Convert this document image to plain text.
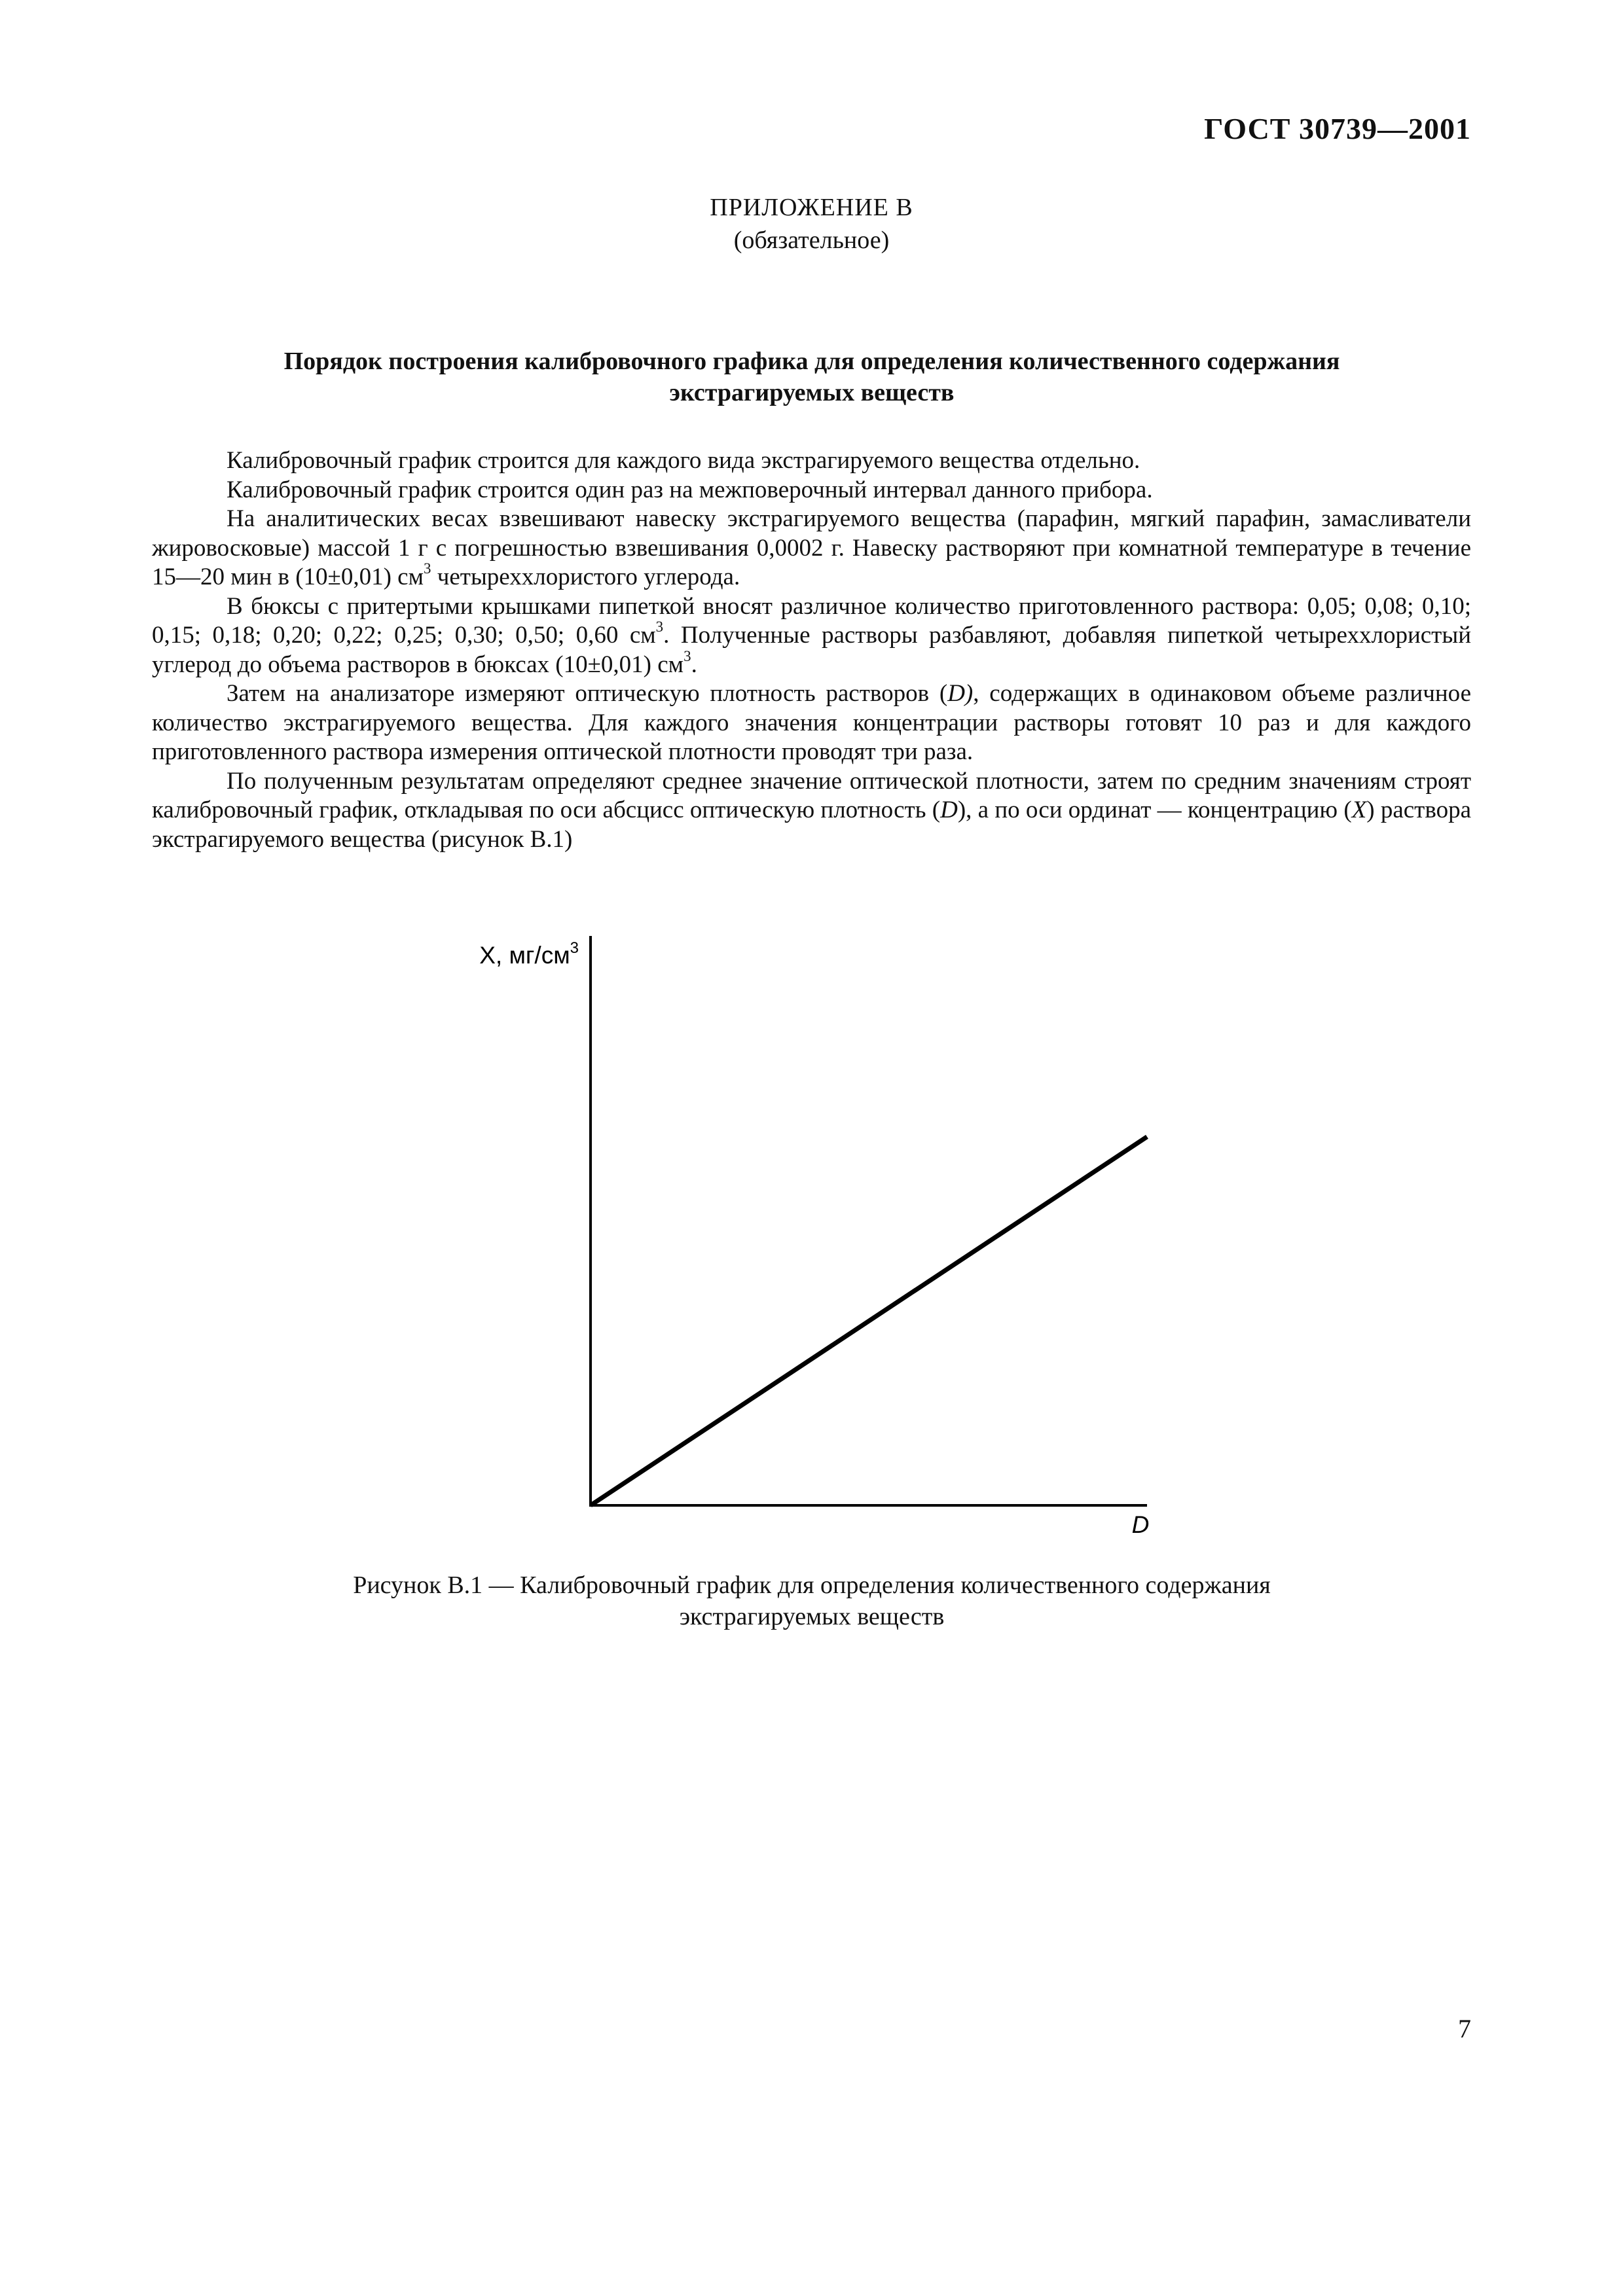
ГОСТ 30739—2001
ПРИЛОЖЕНИЕ В
(обязательное)
Порядок построения калибровочного графика для определения количественного содержания
экстрагируемых веществ

Калибровочный график строится для каждого вида экстрагируемого вещества отдельно.

Калибровочный график строится один раз на межповерочный интервал данного прибора.

На аналитических весах взвешивают навеску экстрагируемого вещества (парафин, мягкий парафин, замасливатели жировосковые) массой 1 г с погрешностью взвешивания 0,0002 г. Навеску растворяют при комнатной температуре в течение 15—20 мин в (10±0,01) $см^3$ четыреххлористого углерода.

В бюксы с притертыми крышками пипеткой вносят различное количество приготовленного раствора: 0,05; 0,08; 0,10; 0,15; 0,18; 0,20; 0,22; 0,25; 0,30; 0,50; 0,60 $см^3$. Полученные растворы разбавляют, добавляя пипеткой четыреххлористый углерод до объема растворов в бюксах (10±0,01) $см^3$.

Затем на анализаторе измеряют оптическую плотность растворов (D), содержащих в одинаковом объеме различное количество экстрагируемого вещества. Для каждого значения концентрации растворы готовят 10 раз и для каждого приготовленного раствора измерения оптической плотности проводят три раза.

По полученным результатам определяют среднее значение оптической плотности, затем по средним значениям строят калибровочный график, откладывая по оси абсцисс оптическую плотность (D), а по оси ординат — концентрацию (X) раствора экстрагируемого вещества (рисунок В.1)

X, $мг/см^3$
D
Рисунок В.1 — Калибровочный график для определения количественного содержания
экстрагируемых веществ
7
